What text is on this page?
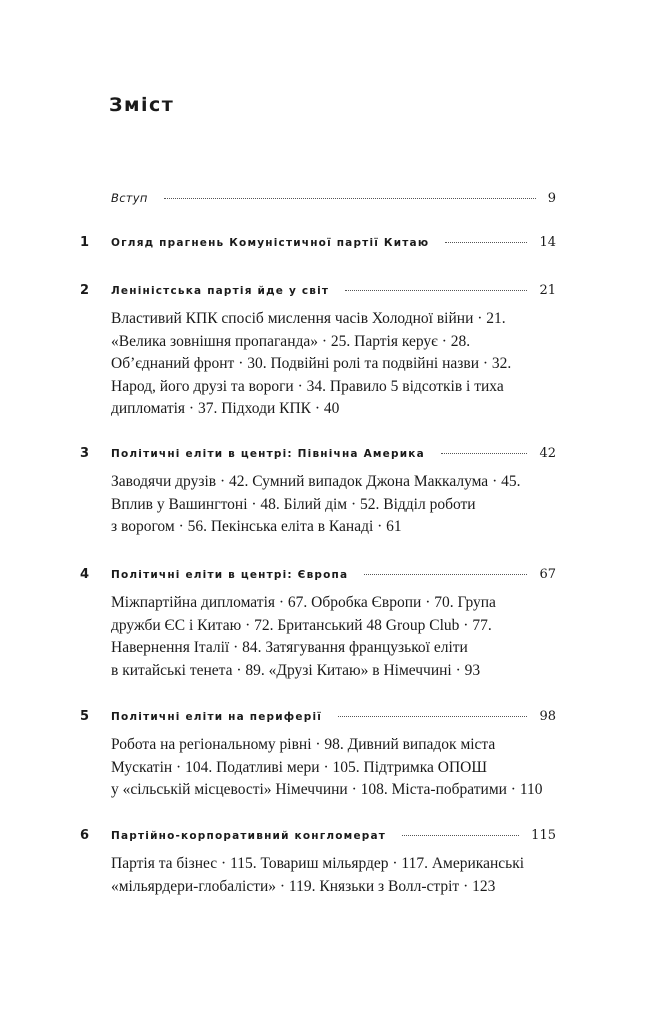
Зміст
Вступ	9
1	Огляд прагнень Комуністичної партії Китаю	14
2	Леніністська партія йде у світ	21
Властивий КПК спосіб мислення часів Холодної війни · 21.
«Велика зовнішня пропаганда» · 25. Партія керує · 28.
Об’єднаний фронт · 30. Подвійні ролі та подвійні назви · 32.
Народ, його друзі та вороги · 34. Правило 5 відсотків і тиха
дипломатія · 37. Підходи КПК · 40
3	Політичні еліти в центрі: Північна Америка	42
Заводячи друзів · 42. Сумний випадок Джона Маккалума · 45.
Вплив у Вашингтоні · 48. Білий дім · 52. Відділ роботи
з ворогом · 56. Пекінська еліта в Канаді · 61
4	Політичні еліти в центрі: Європа	67
Міжпартійна дипломатія · 67. Обробка Європи · 70. Група
дружби ЄС і Китаю · 72. Британський 48 Group Club · 77.
Навернення Італії · 84. Затягування французької еліти
в китайські тенета · 89. «Друзі Китаю» в Німеччині · 93
5	Політичні еліти на периферії	98
Робота на регіональному рівні · 98. Дивний випадок міста
Мускатін · 104. Податливі мери · 105. Підтримка ОПОШ
у «сільській місцевості» Німеччини · 108. Міста-побратими · 110
6	Партійно-корпоративний конгломерат	115
Партія та бізнес · 115. Товариш мільярдер · 117. Американські
«мільярдери-глобалісти» · 119. Князьки з Волл-стріт · 123
